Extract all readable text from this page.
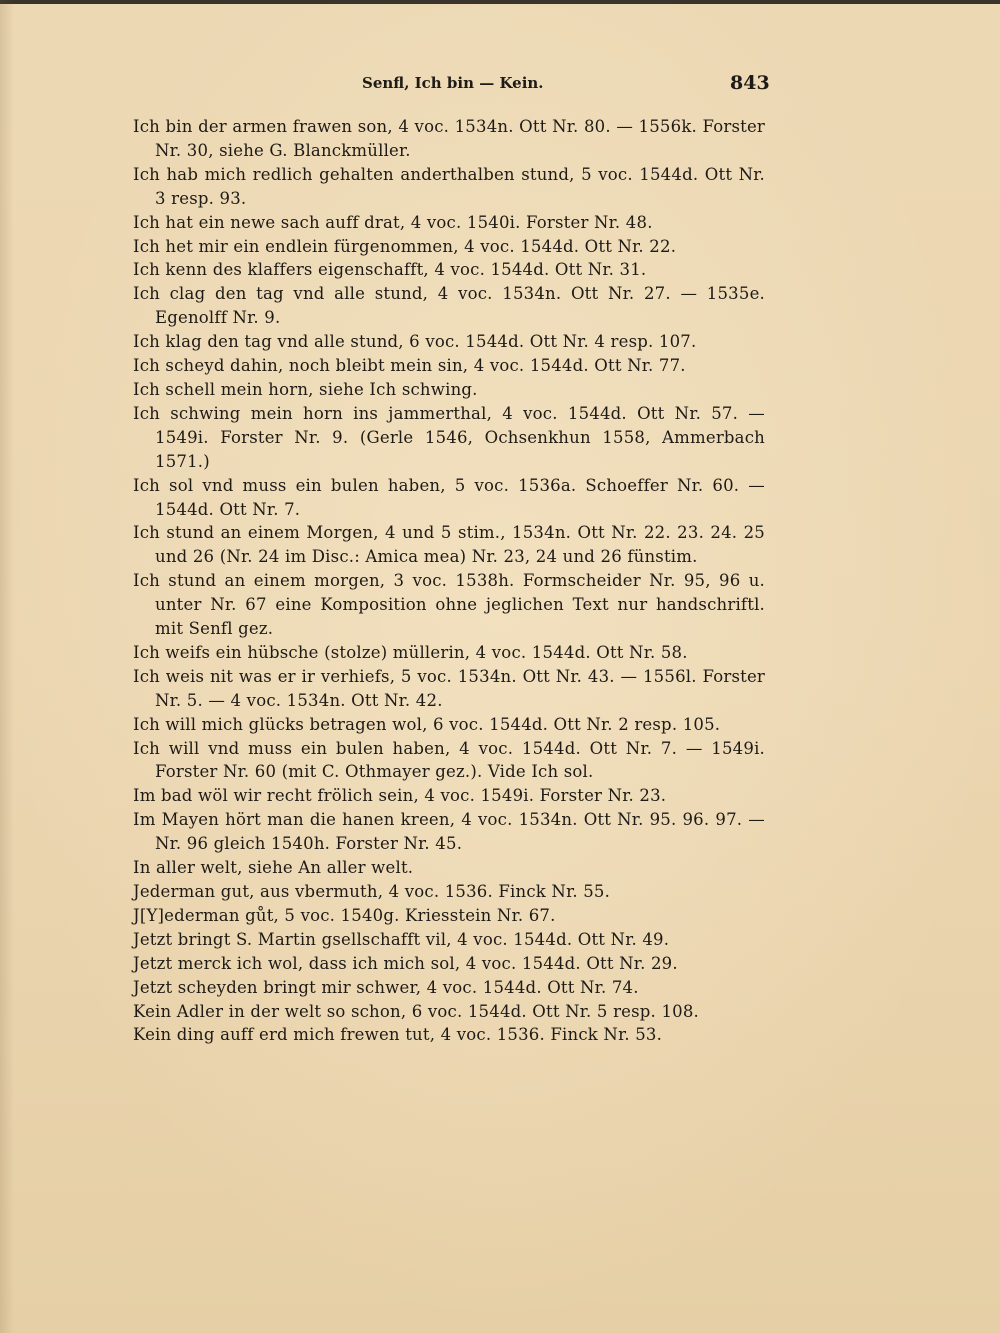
Senfl, Ich bin — Kein.	843
Ich bin der armen frawen son, 4 voc. 1534n. Ott Nr. 80. — 1556k. Forster Nr. 30, siehe G. Blanckmüller.
Ich hab mich redlich gehalten anderthalben stund, 5 voc. 1544d. Ott Nr. 3 resp. 93.
Ich hat ein newe sach auff drat, 4 voc. 1540i. Forster Nr. 48.
Ich het mir ein endlein fürgenommen, 4 voc. 1544d. Ott Nr. 22.
Ich kenn des klaffers eigenschafft, 4 voc. 1544d. Ott Nr. 31.
Ich clag den tag vnd alle stund, 4 voc. 1534n. Ott Nr. 27. — 1535e. Egenolff Nr. 9.
Ich klag den tag vnd alle stund, 6 voc. 1544d. Ott Nr. 4 resp. 107.
Ich scheyd dahin, noch bleibt mein sin, 4 voc. 1544d. Ott Nr. 77.
Ich schell mein horn, siehe Ich schwing.
Ich schwing mein horn ins jammerthal, 4 voc. 1544d. Ott Nr. 57. — 1549i. Forster Nr. 9. (Gerle 1546, Ochsenkhun 1558, Ammerbach 1571.)
Ich sol vnd muss ein bulen haben, 5 voc. 1536a. Schoeffer Nr. 60. — 1544d. Ott Nr. 7.
Ich stund an einem Morgen, 4 und 5 stim., 1534n. Ott Nr. 22. 23. 24. 25 und 26 (Nr. 24 im Disc.: Amica mea) Nr. 23, 24 und 26 fünstim.
Ich stund an einem morgen, 3 voc. 1538h. Formscheider Nr. 95, 96 u. unter Nr. 67 eine Komposition ohne jeglichen Text nur handschriftl. mit Senfl gez.
Ich weifs ein hübsche (stolze) müllerin, 4 voc. 1544d. Ott Nr. 58.
Ich weis nit was er ir verhiefs, 5 voc. 1534n. Ott Nr. 43. — 1556l. Forster Nr. 5. — 4 voc. 1534n. Ott Nr. 42.
Ich will mich glücks betragen wol, 6 voc. 1544d. Ott Nr. 2 resp. 105.
Ich will vnd muss ein bulen haben, 4 voc. 1544d. Ott Nr. 7. — 1549i. Forster Nr. 60 (mit C. Othmayer gez.). Vide Ich sol.
Im bad wöl wir recht frölich sein, 4 voc. 1549i. Forster Nr. 23.
Im Mayen hört man die hanen kreen, 4 voc. 1534n. Ott Nr. 95. 96. 97. — Nr. 96 gleich 1540h. Forster Nr. 45.
In aller welt, siehe An aller welt.
Jederman gut, aus vbermuth, 4 voc. 1536. Finck Nr. 55.
J[Y]ederman gůt, 5 voc. 1540g. Kriesstein Nr. 67.
Jetzt bringt S. Martin gsellschafft vil, 4 voc. 1544d. Ott Nr. 49.
Jetzt merck ich wol, dass ich mich sol, 4 voc. 1544d. Ott Nr. 29.
Jetzt scheyden bringt mir schwer, 4 voc. 1544d. Ott Nr. 74.
Kein Adler in der welt so schon, 6 voc. 1544d. Ott Nr. 5 resp. 108.
Kein ding auff erd mich frewen tut, 4 voc. 1536. Finck Nr. 53.
